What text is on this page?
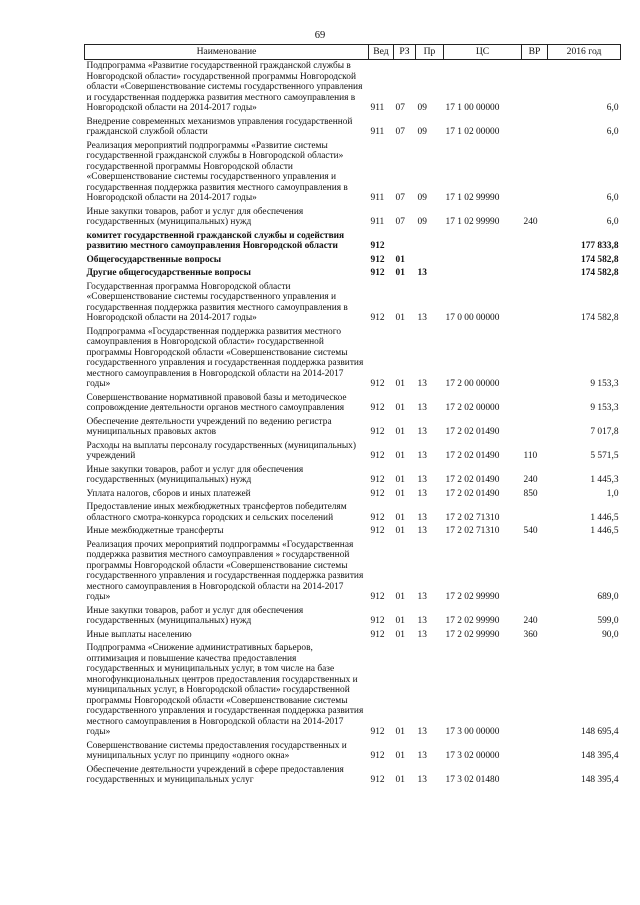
69
Наименование	Вед	РЗ	Пр	ЦС	ВР	2016 год
Подпрограмма «Развитие государственной гражданской службы в Новгородской области» государственной программы Новгородской области «Совершенствование системы государственного управления и государственная поддержка развития местного самоуправления в Новгородской области на 2014-2017 годы»	911	07	09	17 1 00 00000		6,0
Внедрение современных механизмов управления государственной гражданской службой области	911	07	09	17 1 02 00000		6,0
Реализация мероприятий подпрограммы «Развитие системы государственной гражданской службы в Новгородской области» государственной программы Новгородской области «Совершенствование системы государственного управления и государственная поддержка развития местного самоуправления в Новгородской области на 2014-2017 годы»	911	07	09	17 1 02 99990		6,0
Иные закупки товаров, работ и услуг для обеспечения государственных (муниципальных) нужд	911	07	09	17 1 02 99990	240	6,0
комитет государственной гражданской службы и содействия развитию местного самоуправления Новгородской области	912					177 833,8
Общегосударственные вопросы	912	01				174 582,8
Другие общегосударственные вопросы	912	01	13			174 582,8
Государственная программа Новгородской области «Совершенствование системы государственного управления и государственная поддержка развития местного самоуправления в Новгородской области на 2014-2017 годы»	912	01	13	17 0 00 00000		174 582,8
Подпрограмма «Государственная поддержка развития местного самоуправления в Новгородской области» государственной программы Новгородской области «Совершенствование системы государственного управления и государственная поддержка развития местного самоуправления в Новгородской области на 2014-2017 годы»	912	01	13	17 2 00 00000		9 153,3
Совершенствование нормативной правовой базы и методическое сопровождение деятельности органов местного самоуправления	912	01	13	17 2 02 00000		9 153,3
Обеспечение деятельности учреждений по ведению регистра муниципальных правовых актов	912	01	13	17 2 02 01490		7 017,8
Расходы на выплаты персоналу государственных (муниципальных) учреждений	912	01	13	17 2 02 01490	110	5 571,5
Иные закупки товаров, работ и услуг для обеспечения государственных (муниципальных) нужд	912	01	13	17 2 02 01490	240	1 445,3
Уплата налогов, сборов и иных платежей	912	01	13	17 2 02 01490	850	1,0
Предоставление иных межбюджетных трансфертов победителям областного смотра-конкурса городских и сельских поселений	912	01	13	17 2 02 71310		1 446,5
Иные межбюджетные трансферты	912	01	13	17 2 02 71310	540	1 446,5
Реализация прочих мероприятий подпрограммы «Государственная поддержка развития местного самоуправления » государственной программы Новгородской области «Совершенствование системы государственного управления и государственная поддержка развития местного самоуправления в Новгородской области на 2014-2017 годы»	912	01	13	17 2 02 99990		689,0
Иные закупки товаров, работ и услуг для обеспечения государственных (муниципальных) нужд	912	01	13	17 2 02 99990	240	599,0
Иные выплаты населению	912	01	13	17 2 02 99990	360	90,0
Подпрограмма «Снижение административных барьеров, оптимизация и повышение качества предоставления государственных и муниципальных услуг, в том числе на базе многофункциональных центров предоставления государственных и муниципальных услуг, в Новгородской области» государственной программы Новгородской области «Совершенствование системы государственного управления и государственная поддержка развития местного самоуправления в Новгородской области на 2014-2017 годы»	912	01	13	17 3 00 00000		148 695,4
Совершенствование системы предоставления государственных и муниципальных услуг по принципу «одного окна»	912	01	13	17 3 02 00000		148 395,4
Обеспечение деятельности учреждений в сфере предоставления государственных и муниципальных услуг	912	01	13	17 3 02 01480		148 395,4
